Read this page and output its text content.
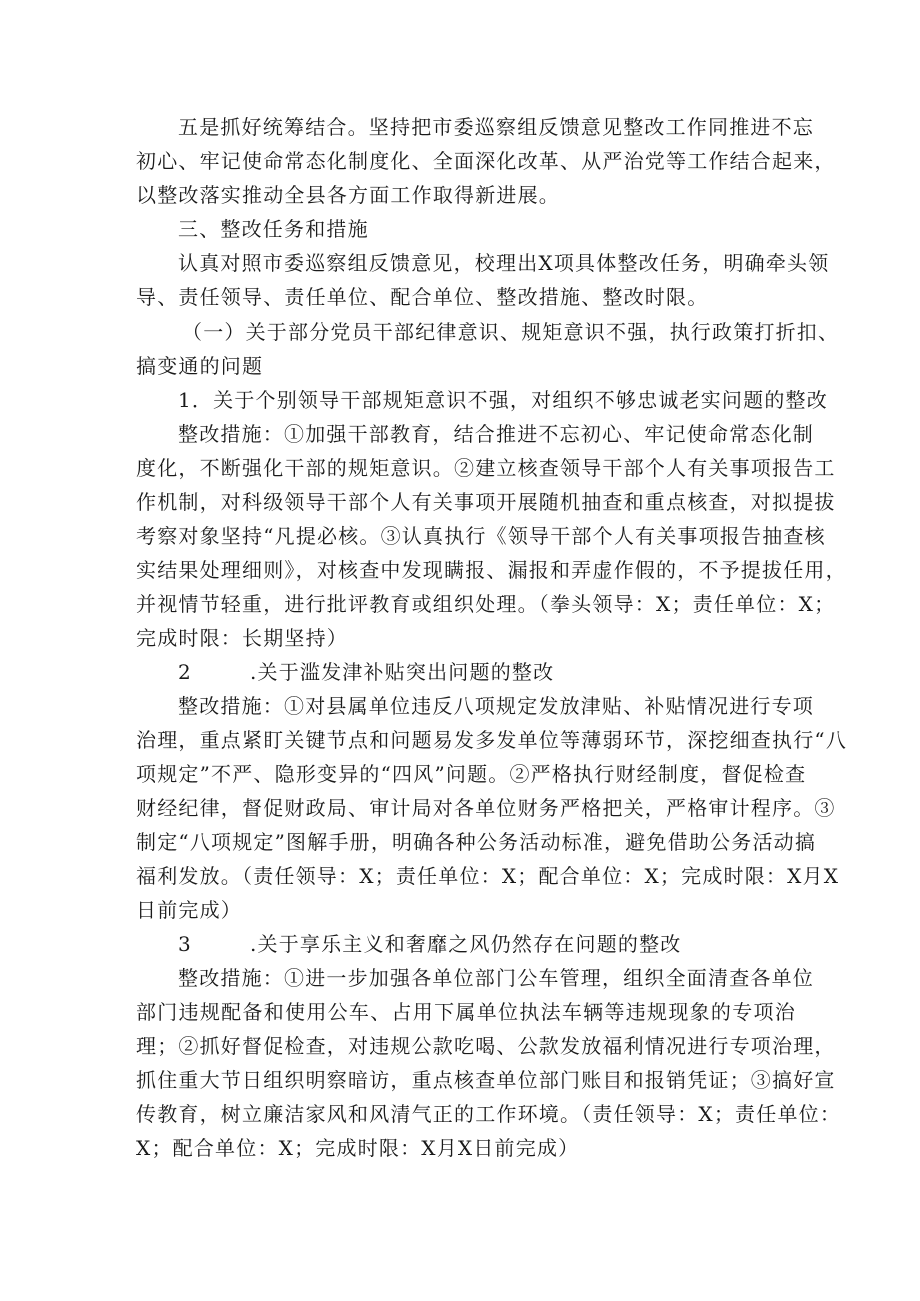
五是抓好统筹结合。坚持把市委巡察组反馈意见整改工作同推进不忘
初心、牢记使命常态化制度化、全面深化改革、从严治党等工作结合起来，
以整改落实推动全县各方面工作取得新进展。
三、整改任务和措施
认真对照市委巡察组反馈意见，校理出X项具体整改任务，明确牵头领
导、责任领导、责任单位、配合单位、整改措施、整改时限。
（一）关于部分党员干部纪律意识、规矩意识不强，执行政策打折扣、
搞变通的问题
1．关于个别领导干部规矩意识不强，对组织不够忠诚老实问题的整改
整改措施：①加强干部教育，结合推进不忘初心、牢记使命常态化制
度化，不断强化干部的规矩意识。②建立核查领导干部个人有关事项报告工
作机制，对科级领导干部个人有关事项开展随机抽查和重点核查，对拟提拔
考察对象坚持“凡提必核。③认真执行《领导干部个人有关事项报告抽查核
实结果处理细则》，对核查中发现瞒报、漏报和弄虚作假的，不予提拔任用，
并视情节轻重，进行批评教育或组织处理。（拳头领导：X；责任单位：X；
完成时限：长期坚持）
2	.关于滥发津补贴突出问题的整改
整改措施：①对县属单位违反八项规定发放津贴、补贴情况进行专项
治理，重点紧盯关键节点和问题易发多发单位等薄弱环节，深挖细查执行“八
项规定”不严、隐形变异的“四风”问题。②严格执行财经制度，督促检查
财经纪律，督促财政局、审计局对各单位财务严格把关，严格审计程序。③
制定“八项规定”图解手册，明确各种公务活动标准，避免借助公务活动搞
福利发放。（责任领导：X；责任单位：X；配合单位：X；完成时限：X月X
日前完成）
3	.关于享乐主义和奢靡之风仍然存在问题的整改
整改措施：①进一步加强各单位部门公车管理，组织全面清查各单位
部门违规配备和使用公车、占用下属单位执法车辆等违规现象的专项治
理；②抓好督促检查，对违规公款吃喝、公款发放福利情况进行专项治理，
抓住重大节日组织明察暗访，重点核查单位部门账目和报销凭证；③搞好宣
传教育，树立廉洁家风和风清气正的工作环境。（责任领导：X；责任单位：
X；配合单位：X；完成时限：X月X日前完成）
